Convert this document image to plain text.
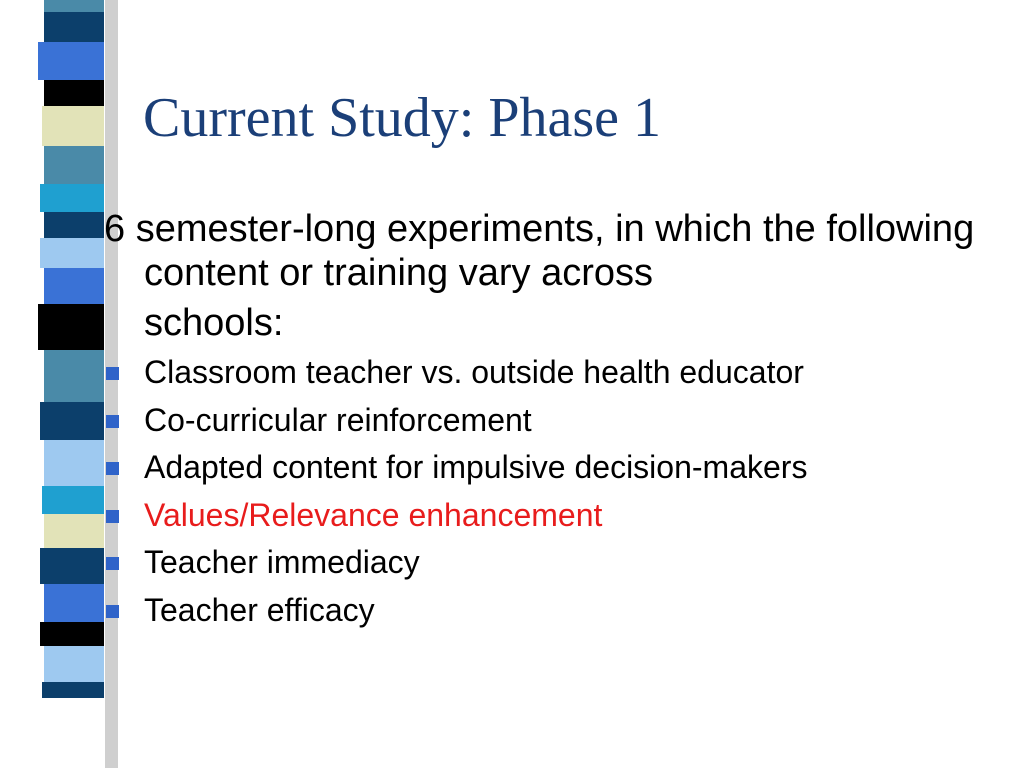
Current Study: Phase 1

6 semester-long experiments, in which the following content or training vary across
schools:

Classroom teacher vs. outside health educator
Co-curricular reinforcement
Adapted content for impulsive decision-makers
Values/Relevance enhancement
Teacher immediacy
Teacher efficacy
